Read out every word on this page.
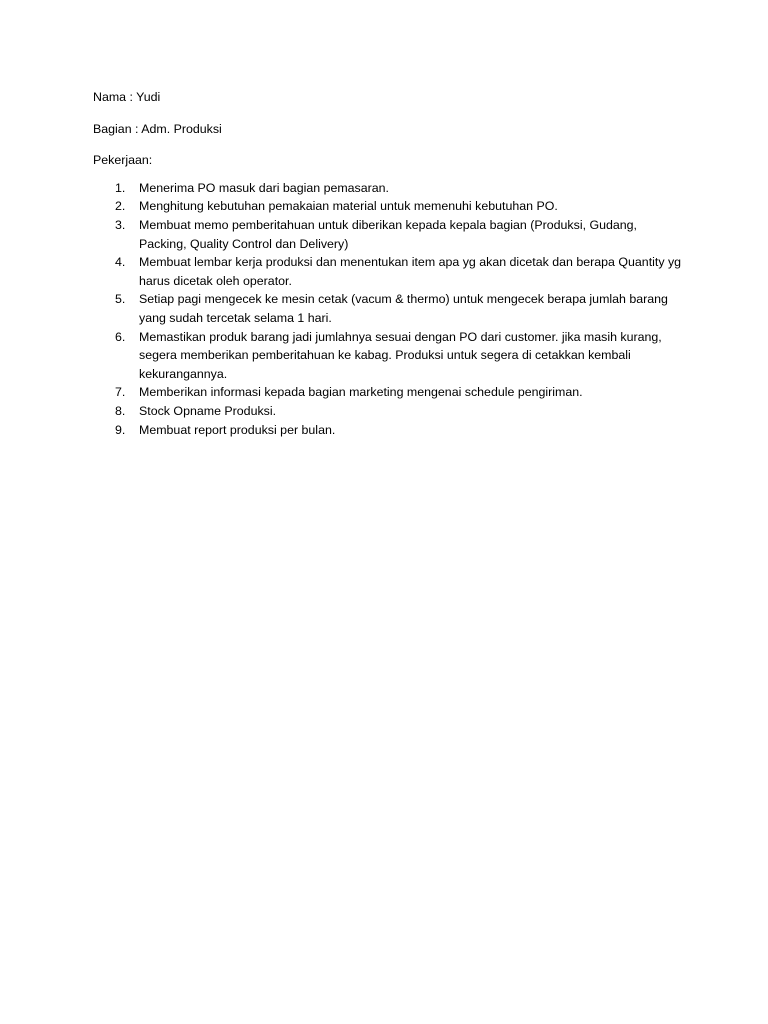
Nama : Yudi

Bagian : Adm. Produksi

Pekerjaan:

1. Menerima PO masuk dari bagian pemasaran.
2. Menghitung kebutuhan pemakaian material untuk memenuhi kebutuhan PO.
3. Membuat memo pemberitahuan untuk diberikan kepada kepala bagian (Produksi, Gudang, Packing, Quality Control dan Delivery)
4. Membuat lembar kerja produksi dan menentukan item apa yg akan dicetak dan berapa Quantity yg harus dicetak oleh operator.
5. Setiap pagi mengecek ke mesin cetak (vacum & thermo) untuk mengecek berapa jumlah barang yang sudah tercetak selama 1 hari.
6. Memastikan produk barang jadi jumlahnya sesuai dengan PO dari customer. jika masih kurang, segera memberikan pemberitahuan ke kabag. Produksi untuk segera di cetakkan kembali kekurangannya.
7. Memberikan informasi kepada bagian marketing mengenai schedule pengiriman.
8. Stock Opname Produksi.
9. Membuat report produksi per bulan.
